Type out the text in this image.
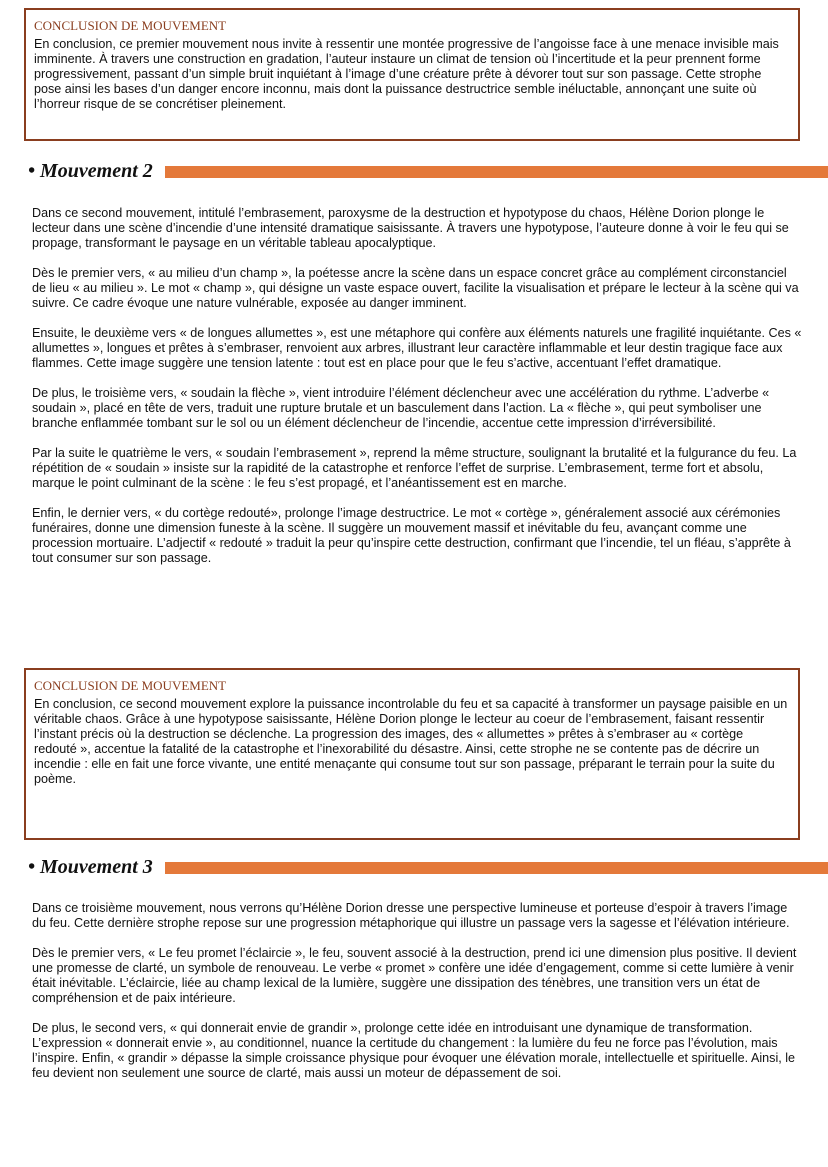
CONCLUSION DE MOUVEMENT

En conclusion, ce premier mouvement nous invite à ressentir une montée progressive de l’angoisse face à une menace invisible mais imminente. À travers une construction en gradation, l’auteur instaure un climat de tension où l’incertitude et la peur prennent forme progressivement, passant d’un simple bruit inquiétant à l’image d’une créature prête à dévorer tout sur son passage. Cette strophe pose ainsi les bases d’un danger encore inconnu, mais dont la puissance destructrice semble inéluctable, annonçant une suite où l’horreur risque de se concrétiser pleinement.

• Mouvement 2

Dans ce second mouvement, intitulé l’embrasement, paroxysme de la destruction et hypotypose du chaos, Hélène Dorion plonge le lecteur dans une scène d’incendie d’une intensité dramatique saisissante. À travers une hypotypose, l’auteure donne à voir le feu qui se propage, transformant le paysage en un véritable tableau apocalyptique.

Dès le premier vers, « au milieu d’un champ », la poétesse ancre la scène dans un espace concret grâce au complément circonstanciel de lieu « au milieu ». Le mot « champ », qui désigne un vaste espace ouvert, facilite la visualisation et prépare le lecteur à la scène qui va suivre. Ce cadre évoque une nature vulnérable, exposée au danger imminent.

Ensuite, le deuxième vers « de longues allumettes », est une métaphore qui confère aux éléments naturels une fragilité inquiétante. Ces « allumettes », longues et prêtes à s’embraser, renvoient aux arbres, illustrant leur caractère inflammable et leur destin tragique face aux flammes. Cette image suggère une tension latente : tout est en place pour que le feu s’active, accentuant l’effet dramatique.

De plus, le troisième vers, « soudain la flèche », vient introduire l’élément déclencheur avec une accélération du rythme. L’adverbe « soudain », placé en tête de vers, traduit une rupture brutale et un basculement dans l’action. La « flèche », qui peut symboliser une branche enflammée tombant sur le sol ou un élément déclencheur de l’incendie, accentue cette impression d’irréversibilité.

Par la suite le quatrième le vers, « soudain l’embrasement », reprend la même structure, soulignant la brutalité et la fulgurance du feu. La répétition de « soudain » insiste sur la rapidité de la catastrophe et renforce l’effet de surprise. L’embrasement, terme fort et absolu, marque le point culminant de la scène : le feu s’est propagé, et l’anéantissement est en marche.

Enfin, le dernier vers, « du cortège redouté», prolonge l’image destructrice. Le mot « cortège », généralement associé aux cérémonies funéraires, donne une dimension funeste à la scène. Il suggère un mouvement massif et inévitable du feu, avançant comme une procession mortuaire. L’adjectif « redouté » traduit la peur qu’inspire cette destruction, confirmant que l’incendie, tel un fléau, s’apprête à tout consumer sur son passage.

CONCLUSION DE MOUVEMENT

En conclusion, ce second mouvement explore la puissance incontrolable du feu et sa capacité à transformer un paysage paisible en un véritable chaos. Grâce à une hypotypose saisissante, Hélène Dorion plonge le lecteur au coeur de l’embrasement, faisant ressentir l’instant précis où la destruction se déclenche. La progression des images, des « allumettes » prêtes à s’embraser au « cortège redouté », accentue la fatalité de la catastrophe et l’inexorabilité du désastre. Ainsi, cette strophe ne se contente pas de décrire un incendie : elle en fait une force vivante, une entité menaçante qui consume tout sur son passage, préparant le terrain pour la suite du poème.

• Mouvement 3

Dans ce troisième mouvement, nous verrons qu’Hélène Dorion dresse une perspective lumineuse et porteuse d’espoir à travers l’image du feu. Cette dernière strophe repose sur une progression métaphorique qui illustre un passage vers la sagesse et l’élévation intérieure.

Dès le premier vers, « Le feu promet l’éclaircie », le feu, souvent associé à la destruction, prend ici une dimension plus positive. Il devient une promesse de clarté, un symbole de renouveau. Le verbe « promet » confère une idée d’engagement, comme si cette lumière à venir était inévitable. L’éclaircie, liée au champ lexical de la lumière, suggère une dissipation des ténèbres, une transition vers un état de compréhension et de paix intérieure.

De plus, le second vers, « qui donnerait envie de grandir », prolonge cette idée en introduisant une dynamique de transformation. L’expression « donnerait envie », au conditionnel, nuance la certitude du changement : la lumière du feu ne force pas l’évolution, mais l’inspire. Enfin, « grandir » dépasse la simple croissance physique pour évoquer une élévation morale, intellectuelle et spirituelle. Ainsi, le feu devient non seulement une source de clarté, mais aussi un moteur de dépassement de soi.
